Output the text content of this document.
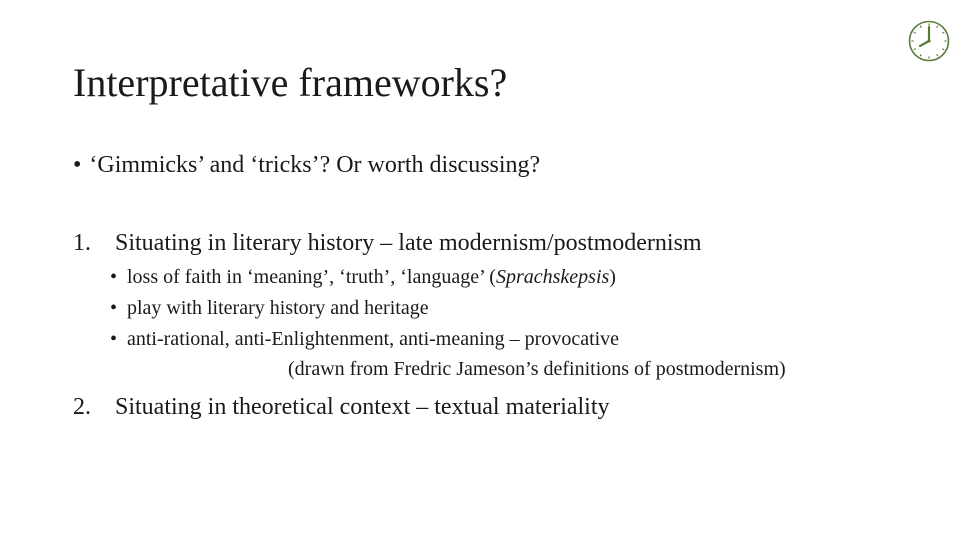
Interpretative frameworks?
• ‘Gimmicks’ and ‘tricks’? Or worth discussing?
1. Situating in literary history – late modernism/postmodernism
• loss of faith in ‘meaning’, ‘truth’, ‘language’ (Sprachskepsis)
• play with literary history and heritage
• anti-rational, anti-Enlightenment, anti-meaning – provocative
(drawn from Fredric Jameson’s definitions of postmodernism)
2. Situating in theoretical context – textual materiality
